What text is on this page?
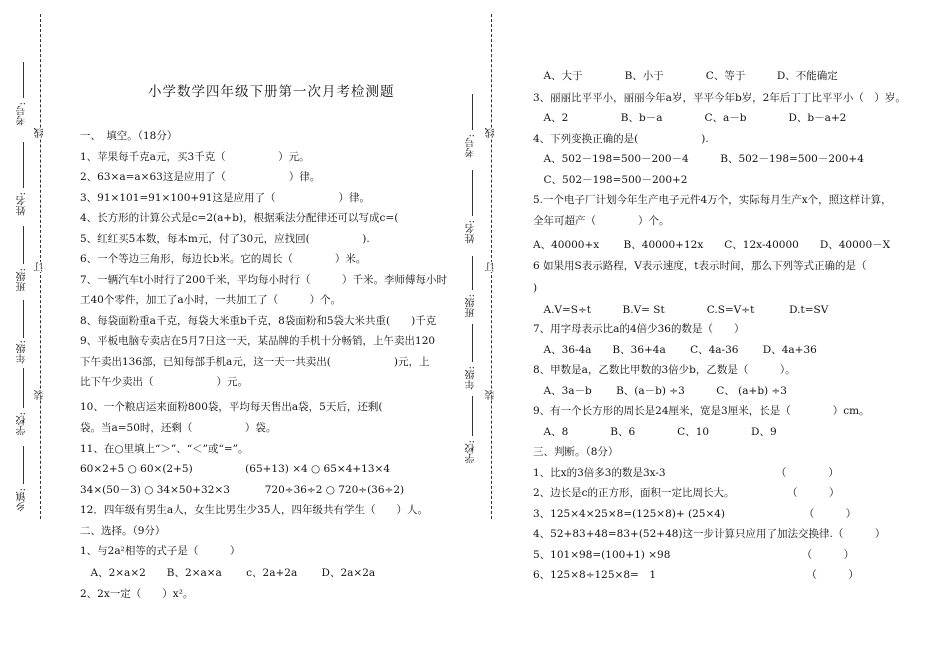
考号:
姓名:
班级:
年级:
学校:
乡镇:
线
订
装
考号:
姓名:
班级:
年级:
学校:
线
订
装
小学数学四年级下册第一次月考检测题
一、　填空。（18分）
1、苹果每千克a元，买3千克（　　　　　）元。
2、63×a=a×63这是应用了（　　　　　　）律。
3、91×101=91×100+91这是应用了（　　　　　　）律。
4、长方形的计算公式是c=2(a+b)，根据乘法分配律还可以写成c=(
5、红红买5本数，每本m元，付了30元，应找回(　　　　　).
6、一个等边三角形，每边长b米。它的周长（　　　　）米。
7、一辆汽车t小时行了200千米，平均每小时行（　　　）千米。李师傅每小时
工40个零件，加工了a小时，一共加工了（　　　）个。
8、每袋面粉重a千克，每袋大米重b千克，8袋面粉和5袋大米共重(　　)千克
9、平板电脑专卖店在5月7日这一天，某品牌的手机十分畅销，上午卖出120
下午卖出136部，已知每部手机a元，这一天一共卖出(　　　　　　)元，上
比下午少卖出（　　　　　　）元。
10、一个粮店运来面粉800袋，平均每天售出a袋，5天后，还剩(
袋。当a=50时，还剩（　　　　　）袋。
11、在○里填上“＞”、“＜”或“=”。
60×2+5 ○ 60×(2+5)　　　　　(65+13) ×4 ○ 65×4+13×4
34×(50－3) ○ 34×50+32×3　　　 720÷36÷2 ○ 720÷(36÷2)
12．四年级有男生a人，女生比男生少35人，四年级共有学生（　　）人。
二、选择。（9分）
1、与2a²相等的式子是（　　　）
　A、2×a×2　　B、2×a×a　　 c、2a+2a　　 D、2a×2a
2、2x一定（　　）x²。
　A、大于　　　　B、小于　　　　C、等于　　　D、不能确定
3、丽丽比平平小，丽丽今年a岁，平平今年b岁，2年后丁丁比平平小（　）岁。
　A、2　　　　　B、b－a　　　　C、a－b　　　　D、b－a+2
4、下列变换正确的是(　　　　　　).
　A、502－198=500－200－4　　　B、502－198=500－200+4
　C、502－198=500－200+2
5.一个电子厂计划今年生产电子元件4万个，实际每月生产x个，照这样计算，
全年可超产（　　　　）个。
A、40000+x　　 B、40000+12x　　C、12x-40000　　D、40000－X
6 如果用S表示路程，V表示速度，t表示时间，那么下列等式正确的是（
)
　A.V=S÷t　　　B.V= St　　　　C.S=V÷t　　　 D.t=SV
7、用字母表示比a的4倍少36的数是（　　）
　A、36-4a　　B、36+4a　　 C、4a-36　　 D、4a+36
8、甲数是a，乙数比甲数的3倍少b，乙数是（　　　）。
　A、3a－b　　 B、(a－b) ÷3　　　C、 (a+b) ÷3
9、有一个长方形的周长是24厘米，宽是3厘米，长是（　　　　）cm。
　A、8　　　　B、6　　　　C、10　　　　D、9
三、判断。（8分）
1、比x的3倍多3的数是3x-3　　　　　　　　　　　（　　　　）
2、边长是c的正方形，面积一定比周长大。　　　　　　（　　　）
3、125×4×25×8=(125×8)+ (25×4)　　　　　　　　（　　　）
4、52+83+48=83+(52+48)这一步计算只应用了加法交换律.（　　　）
5、101×98=(100+1) ×98　　　　　　　　　　　　　（　　　）
6、125×8÷125×8=　1　　　　　　　　　　　　　　 （　　　）
